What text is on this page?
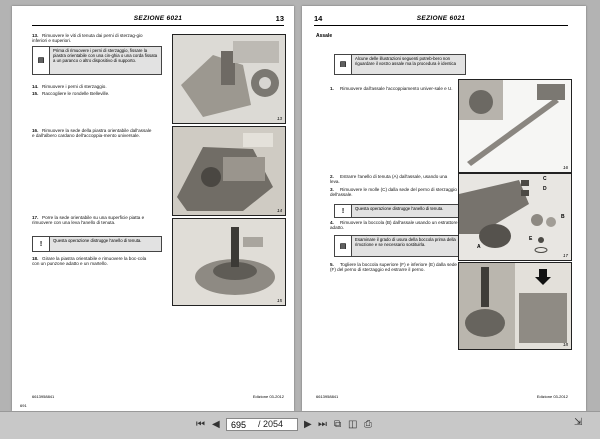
SEZIONE 6021	13
13. Rimuovere le viti di tenuta dai perni di sterzag-gio inferiori e superiori.
▤
Prima di rimuovere i perni di sterzaggio, fissare la piastra orientabile con una cin-ghia o una corda fissata a un paranco o altro dispositivo di supporto.
14. Rimuovere i perni di sterzaggio.
15. Raccogliere le rondelle Belleville.
13
16. Rimuovere la sede della piastra orientabile dall'assale e dall'albero cardano dell'accoppia-mento universale.
14
17. Porre la sede orientabile su una superficie piatta e rimuovere con una leva l'anello di tenuta.
!	Questa operazione distrugge l'anello di tenuta.
18. Girare la piastra orientabile e rimuovere la boc-cola con un punzone adatto e un martello.
15
6613958841
691
Edizione 03-2012
14	SEZIONE 6021
Assale
▤
Alcune delle illustrazioni seguenti potreb-bero non riguardare il vostro assale ma la procedura è identica
1. Rimuovere dall'assale l'accoppiamento univer-sale e U.
16
2. Estrarre l'anello di tenuta (A) dall'assale, usando una leva.
3. Rimuovere le molle (C) dalla sede del perno di sterzaggio dell'assale.
!	Questa operazione distrugge l'anello di tenuta.
4. Rimuovere la boccola (B) dall'assale usando un estrattore adatto.
▤
Esaminare il grado di usura della boccola prima della rimozione e se necessario sostituirla.
5. Togliere la boccola superiore (F) e inferiore (E) dalla sede (F) del perno di sterzaggio ed estrarre il perno.
C
D
B
E
A
17
18
6613958841	Edizione 03-2012
⏮ ◀	695	/ 2054 ▶ ⏭ ⧉ ◫ ⎙	⇲
